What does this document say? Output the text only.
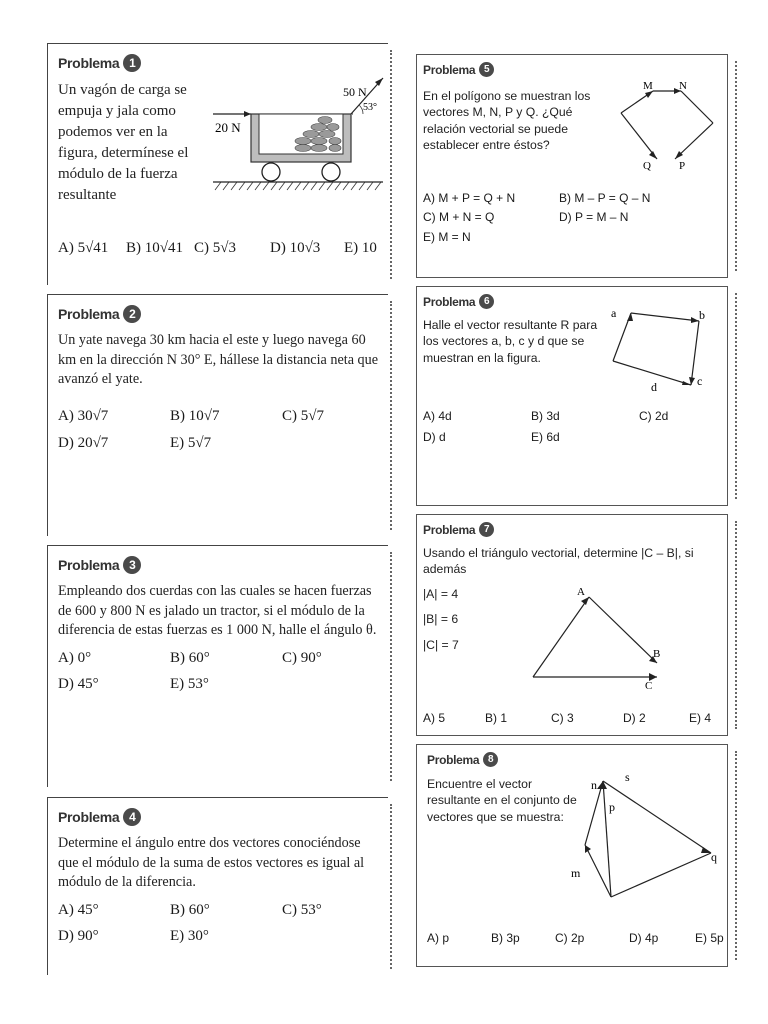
Problema 1
Un vagón de carga se empuja y jala como podemos ver en la figura, determínese el módulo de la fuerza resultante
20 N
50 N
53°
A) 5√41 B) 10√41 C) 5√3 D) 10√3 E) 10
Problema 2
Un yate navega 30 km hacia el este y luego navega 60 km en la dirección N 30° E, hállese la distancia neta que avanzó el yate.
A) 30√7	B) 10√7	C) 5√7
D) 20√7	E) 5√7
Problema 3
Empleando dos cuerdas con las cuales se hacen fuerzas de 600 y 800 N es jalado un tractor, si el módulo de la diferencia de estas fuerzas es 1 000 N, halle el ángulo θ.
A) 0°	B) 60°	C) 90°
D) 45°	E) 53°
Problema 4
Determine el ángulo entre dos vectores conociéndose que el módulo de la suma de estos vectores es igual al módulo de la diferencia.
A) 45°	B) 60°	C) 53°
D) 90°	E) 30°
Problema 5
En el polígono se muestran los vectores M, N, P y Q. ¿Qué relación vectorial se puede establecer entre éstos?
M N
Q	P
A) M + P = Q + N	B) M – P = Q – N
C) M + N = Q	D) P = M – N
E) M = N
Problema 6
Halle el vector resultante R para los vectores a, b, c y d que se muestran en la figura.
a	b
d	c
A) 4d	B) 3d	C) 2d
D) d	E) 6d
Problema 7
Usando el triángulo vectorial, determine |C – B|, si además
|A| = 4
|B| = 6
|C| = 7
A
B
C
A) 5	B) 1	C) 3	D) 2	E) 4
Problema 8
Encuentre el vector resultante en el conjunto de vectores que se muestra:
n
s
p
m
q
A) p	B) 3p	C) 2p	D) 4p	E) 5p
